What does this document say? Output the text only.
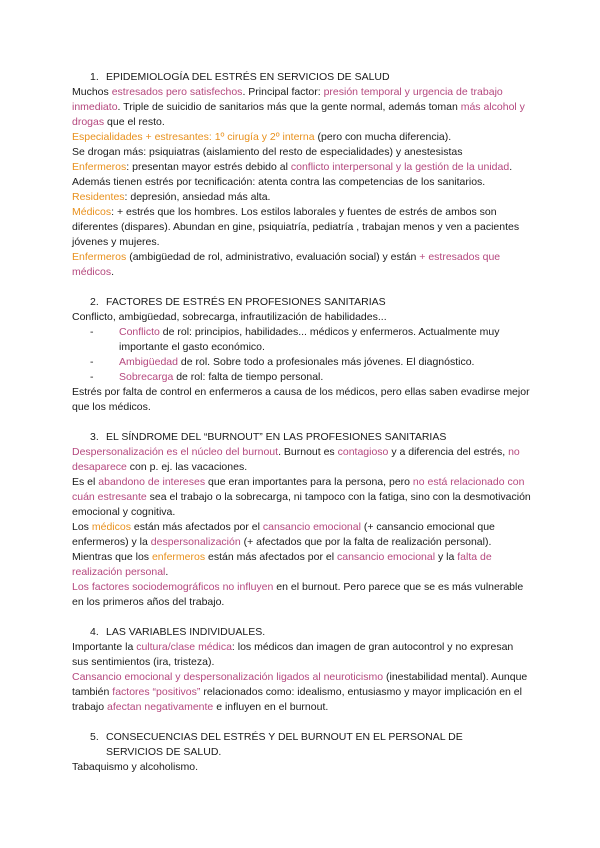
1. EPIDEMIOLOGÍA DEL ESTRÉS EN SERVICIOS DE SALUD

Muchos estresados pero satisfechos. Principal factor: presión temporal y urgencia de trabajo inmediato. Triple de suicidio de sanitarios más que la gente normal, además toman más alcohol y drogas que el resto.

Especialidades + estresantes: 1º cirugía y 2º interna (pero con mucha diferencia).

Se drogan más: psiquiatras (aislamiento del resto de especialidades) y anestesistas

Enfermeros: presentan mayor estrés debido al conflicto interpersonal y la gestión de la unidad. Además tienen estrés por tecnificación: atenta contra las competencias de los sanitarios.

Residentes: depresión, ansiedad más alta.

Médicos: + estrés que los hombres. Los estilos laborales y fuentes de estrés de ambos son diferentes (dispares). Abundan en gine, psiquiatría, pediatría , trabajan menos y ven a pacientes jóvenes y mujeres.

Enfermeros (ambigüedad de rol, administrativo, evaluación social) y están + estresados que médicos.

2. FACTORES DE ESTRÉS EN PROFESIONES SANITARIAS

Conflicto, ambigüedad, sobrecarga, infrautilización de habilidades...

-	Conflicto de rol: principios, habilidades... médicos y enfermeros. Actualmente muy importante el gasto económico.
-	Ambigüedad de rol. Sobre todo a profesionales más jóvenes. El diagnóstico.
-	Sobrecarga de rol: falta de tiempo personal.

Estrés por falta de control en enfermeros a causa de los médicos, pero ellas saben evadirse mejor que los médicos.

3. EL SÍNDROME DEL “BURNOUT” EN LAS PROFESIONES SANITARIAS

Despersonalización es el núcleo del burnout. Burnout es contagioso y a diferencia del estrés, no desaparece con p. ej. las vacaciones.

Es el abandono de intereses que eran importantes para la persona, pero no está relacionado con cuán estresante sea el trabajo o la sobrecarga, ni tampoco con la fatiga, sino con la desmotivación emocional y cognitiva.

Los médicos están más afectados por el cansancio emocional (+ cansancio emocional que enfermeros) y la despersonalización (+ afectados que por la falta de realización personal). Mientras que los enfermeros están más afectados por el cansancio emocional y la falta de realización personal.

Los factores sociodemográficos no influyen en el burnout. Pero parece que se es más vulnerable en los primeros años del trabajo.

4. LAS VARIABLES INDIVIDUALES.

Importante la cultura/clase médica: los médicos dan imagen de gran autocontrol y no expresan sus sentimientos (ira, tristeza).

Cansancio emocional y despersonalización ligados al neuroticismo (inestabilidad mental). Aunque también factores “positivos” relacionados como: idealismo, entusiasmo y mayor implicación en el trabajo afectan negativamente e influyen en el burnout.

5. CONSECUENCIAS DEL ESTRÉS Y DEL BURNOUT EN EL PERSONAL DE SERVICIOS DE SALUD.

Tabaquismo y alcoholismo.
